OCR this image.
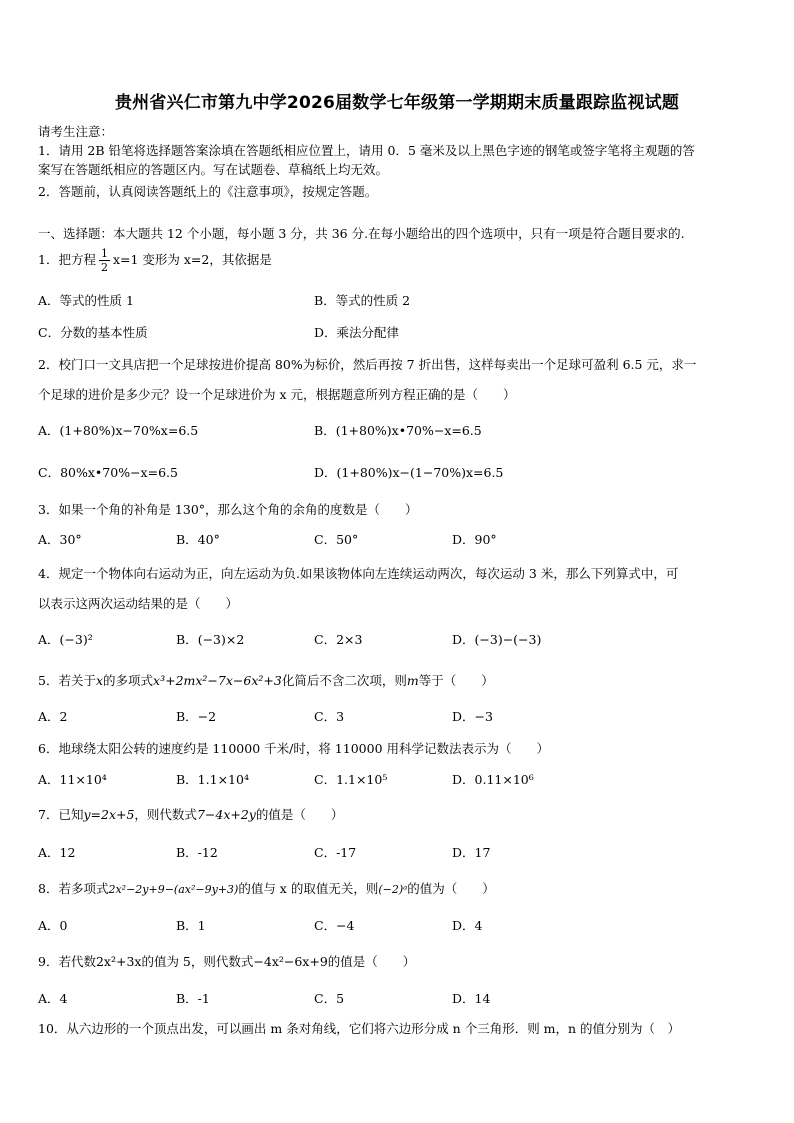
贵州省兴仁市第九中学2026届数学七年级第一学期期末质量跟踪监视试题
请考生注意：
1．请用 2B 铅笔将选择题答案涂填在答题纸相应位置上，请用 0．5 毫米及以上黑色字迹的钢笔或签字笔将主观题的答
案写在答题纸相应的答题区内。写在试题卷、草稿纸上均无效。
2．答题前，认真阅读答题纸上的《注意事项》，按规定答题。
一、选择题：本大题共 12 个小题，每小题 3 分，共 36 分.在每小题给出的四个选项中，只有一项是符合题目要求的.
1．把方程 $\frac{1}{2} x=1$ 变形为 x=2，其依据是
A．等式的性质 1	B．等式的性质 2
C．分数的基本性质	D．乘法分配律
2．校门口一文具店把一个足球按进价提高 80%为标价，然后再按 7 折出售，这样每卖出一个足球可盈利 6.5 元，求一
个足球的进价是多少元？设一个足球进价为 x 元，根据题意所列方程正确的是（　　）
A．(1+80%)x−70%x=6.5	B．(1+80%)x•70%−x=6.5
C．80%x•70%−x=6.5	D．(1+80%)x−(1−70%)x=6.5
3．如果一个角的补角是 130°，那么这个角的余角的度数是（　　）
A．30°	B．40°	C．50°	D．90°
4．规定一个物体向右运动为正，向左运动为负.如果该物体向左连续运动两次，每次运动 3 米，那么下列算式中，可
以表示这两次运动结果的是（　　）
A．(−3)²	B．(−3)×2	C．2×3	D．(−3)−(−3)
5．若关于x的多项式x³+2mx²−7x−6x²+3化简后不含二次项，则m等于（　　）
A．2	B．−2	C．3	D．−3
6．地球绕太阳公转的速度约是 110000 千米/时，将 110000 用科学记数法表示为（　　）
A．11×10⁴	B．1.1×10⁴	C．1.1×10⁵	D．0.11×10⁶
7．已知y=2x+5，则代数式7−4x+2y的值是（　　）
A．12	B．-12	C．-17	D．17
8．若多项式2x²−2y+9−(ax²−9y+3)的值与 x 的取值无关，则(−2)ᵃ的值为（　　）
A．0	B．1	C．−4	D．4
9．若代数2x²+3x的值为 5，则代数式−4x²−6x+9的值是（　　）
A．4	B．-1	C．5	D．14
10．从六边形的一个顶点出发，可以画出 m 条对角线，它们将六边形分成 n 个三角形．则 m，n 的值分别为（　）
